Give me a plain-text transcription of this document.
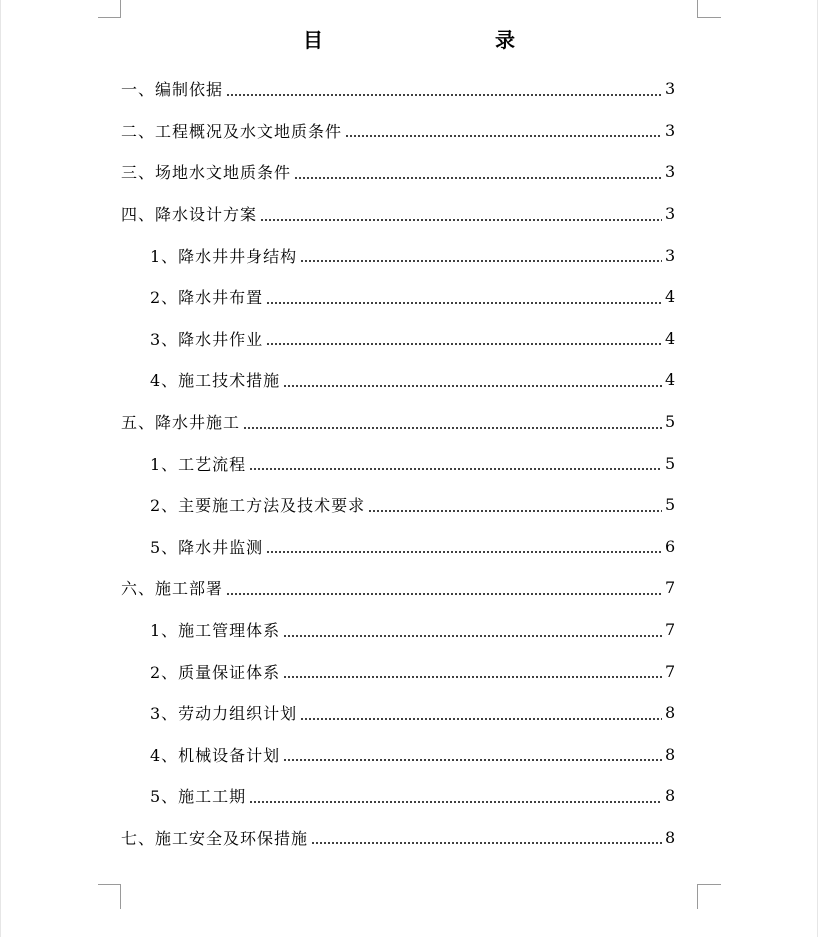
目	录
一、编制依据	3
二、工程概况及水文地质条件	3
三、场地水文地质条件	3
四、降水设计方案	3
1、降水井井身结构	3
2、降水井布置	4
3、降水井作业	4
4、施工技术措施	4
五、降水井施工	5
1、工艺流程	5
2、主要施工方法及技术要求	5
5、降水井监测	6
六、施工部署	7
1、施工管理体系	7
2、质量保证体系	7
3、劳动力组织计划	8
4、机械设备计划	8
5、施工工期	8
七、施工安全及环保措施	8
